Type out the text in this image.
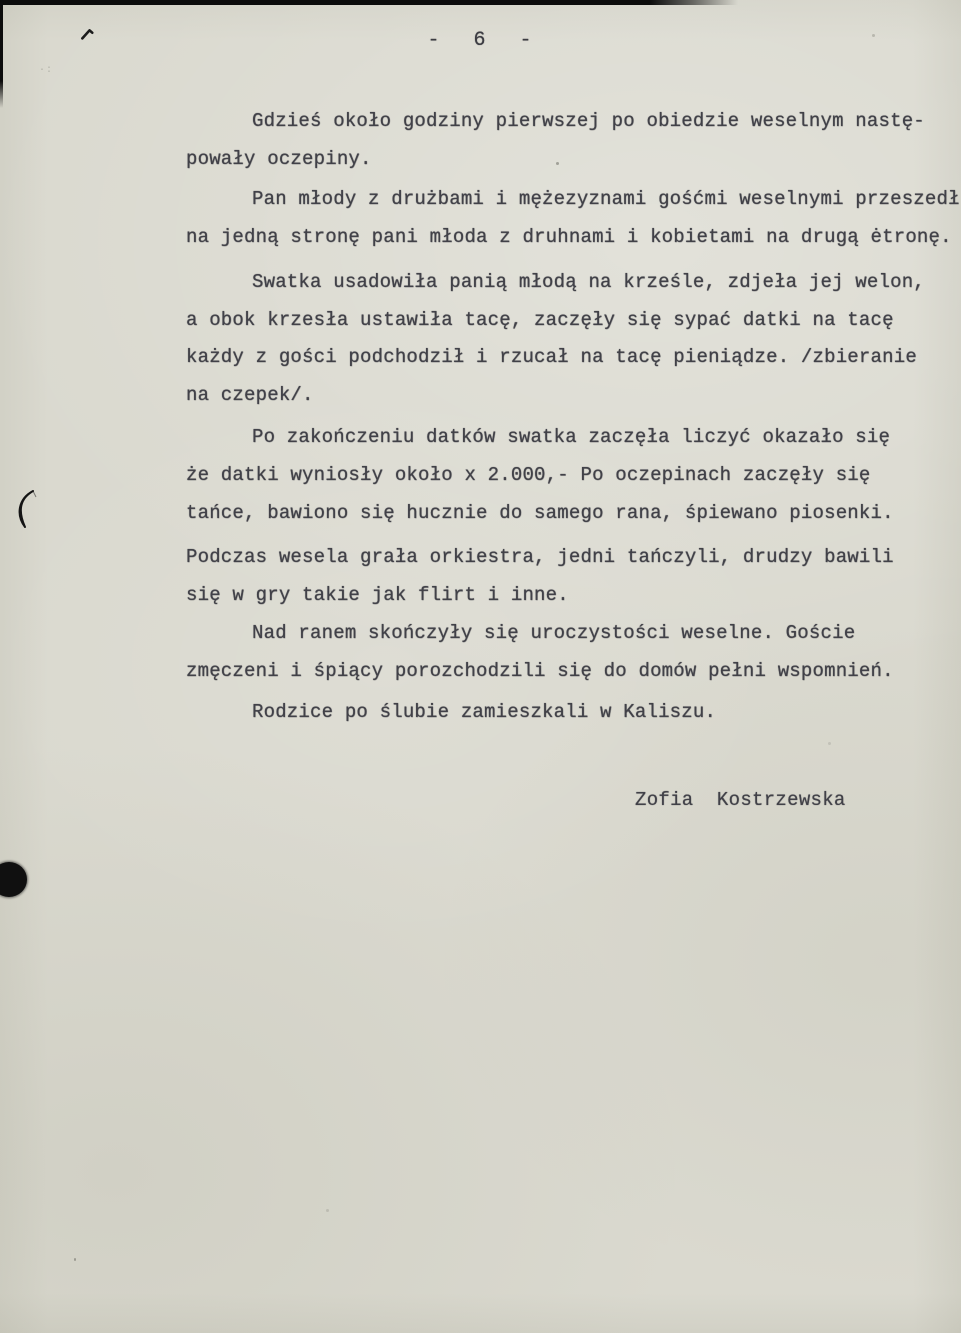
- 6 -
Gdzieś około godziny pierwszej po obiedzie weselnym nastę-
powały oczepiny.
Pan młody z drużbami i mężezyznami gośćmi weselnymi przeszedł
na jedną stronę pani młoda z druhnami i kobietami na drugą ėtronę.
Swatka usadowiła panią młodą na krześle, zdjeła jej welon,
a obok krzesła ustawiła tacę, zaczęły się sypać datki na tacę
każdy z gości podchodził i rzucał na tacę pieniądze. /zbieranie
na czepek/.
Po zakończeniu datków swatka zaczęła liczyć okazało się
że datki wyniosły około x 2.000,- Po oczepinach zaczęły się
tańce, bawiono się hucznie do samego rana, śpiewano piosenki.
Podczas wesela grała orkiestra, jedni tańczyli, drudzy bawili
się w gry takie jak flirt i inne.
Nad ranem skończyły się uroczystości weselne. Goście
zmęczeni i śpiący porozchodzili się do domów pełni wspomnień.
Rodzice po ślubie zamieszkali w Kaliszu.
Zofia  Kostrzewska
·:
